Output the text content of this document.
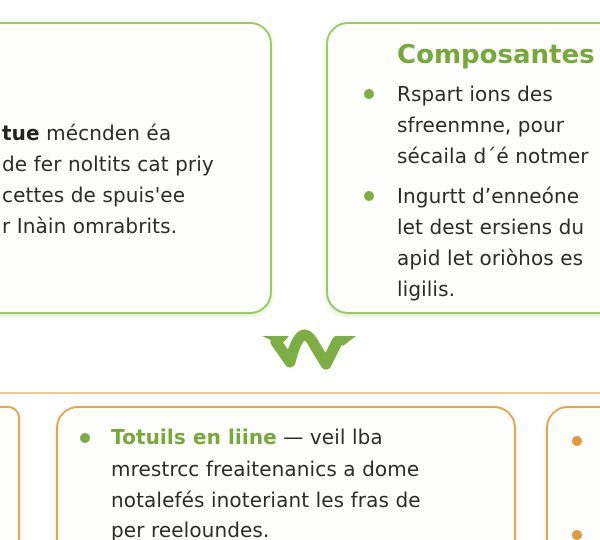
tue mécnden éa
de fer noltits cat priy
cettes de spuis'ee
r Inàin omrabrits.
Composantes
Rspart ions des
sfreenmne, pour
sécaila d´é notmer
Ingurtt d’enneóne
let dest ersiens du
apid let oriòhos es
ligilis.
Totuils en liine — veil lba
mrestrcc freaitenanics a dome
notalefés inoteriant les fras de
per reeloundes.
